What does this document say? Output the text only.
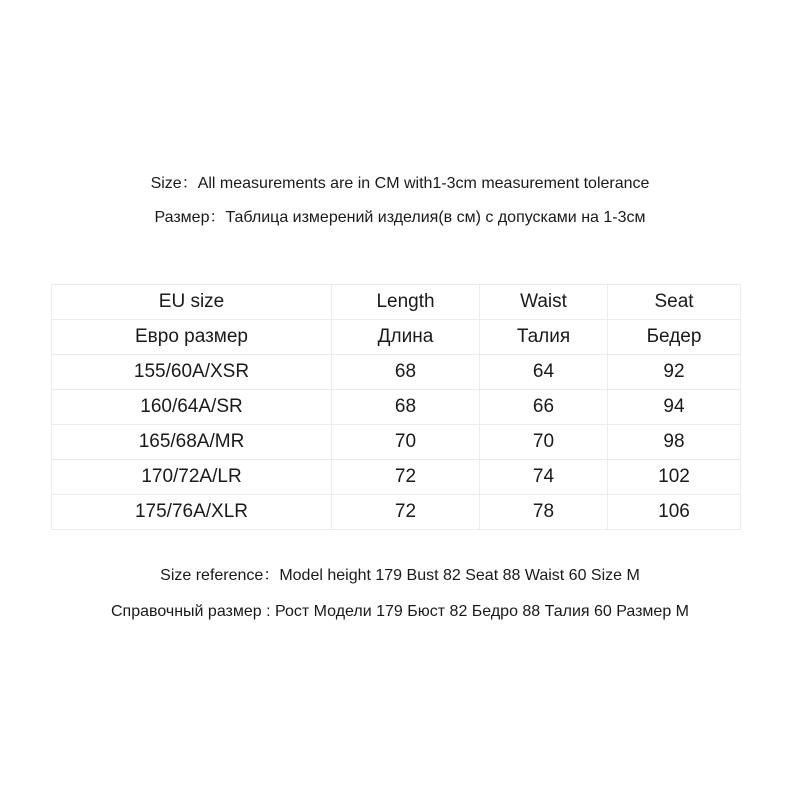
Size：All measurements are in CM with1-3cm measurement tolerance
Размер：Таблица измерений изделия(в см) с допусками на 1-3см
EU size	Length	Waist	Seat
Евро размер	Длина	Талия	Бедер
155/60A/XSR	68	64	92
160/64A/SR	68	66	94
165/68A/MR	70	70	98
170/72A/LR	72	74	102
175/76A/XLR	72	78	106
Size reference：Model height 179 Bust 82 Seat 88 Waist 60 Size M
Справочный размер : Рост Модели 179 Бюст 82 Бедро 88 Талия 60 Размер M
